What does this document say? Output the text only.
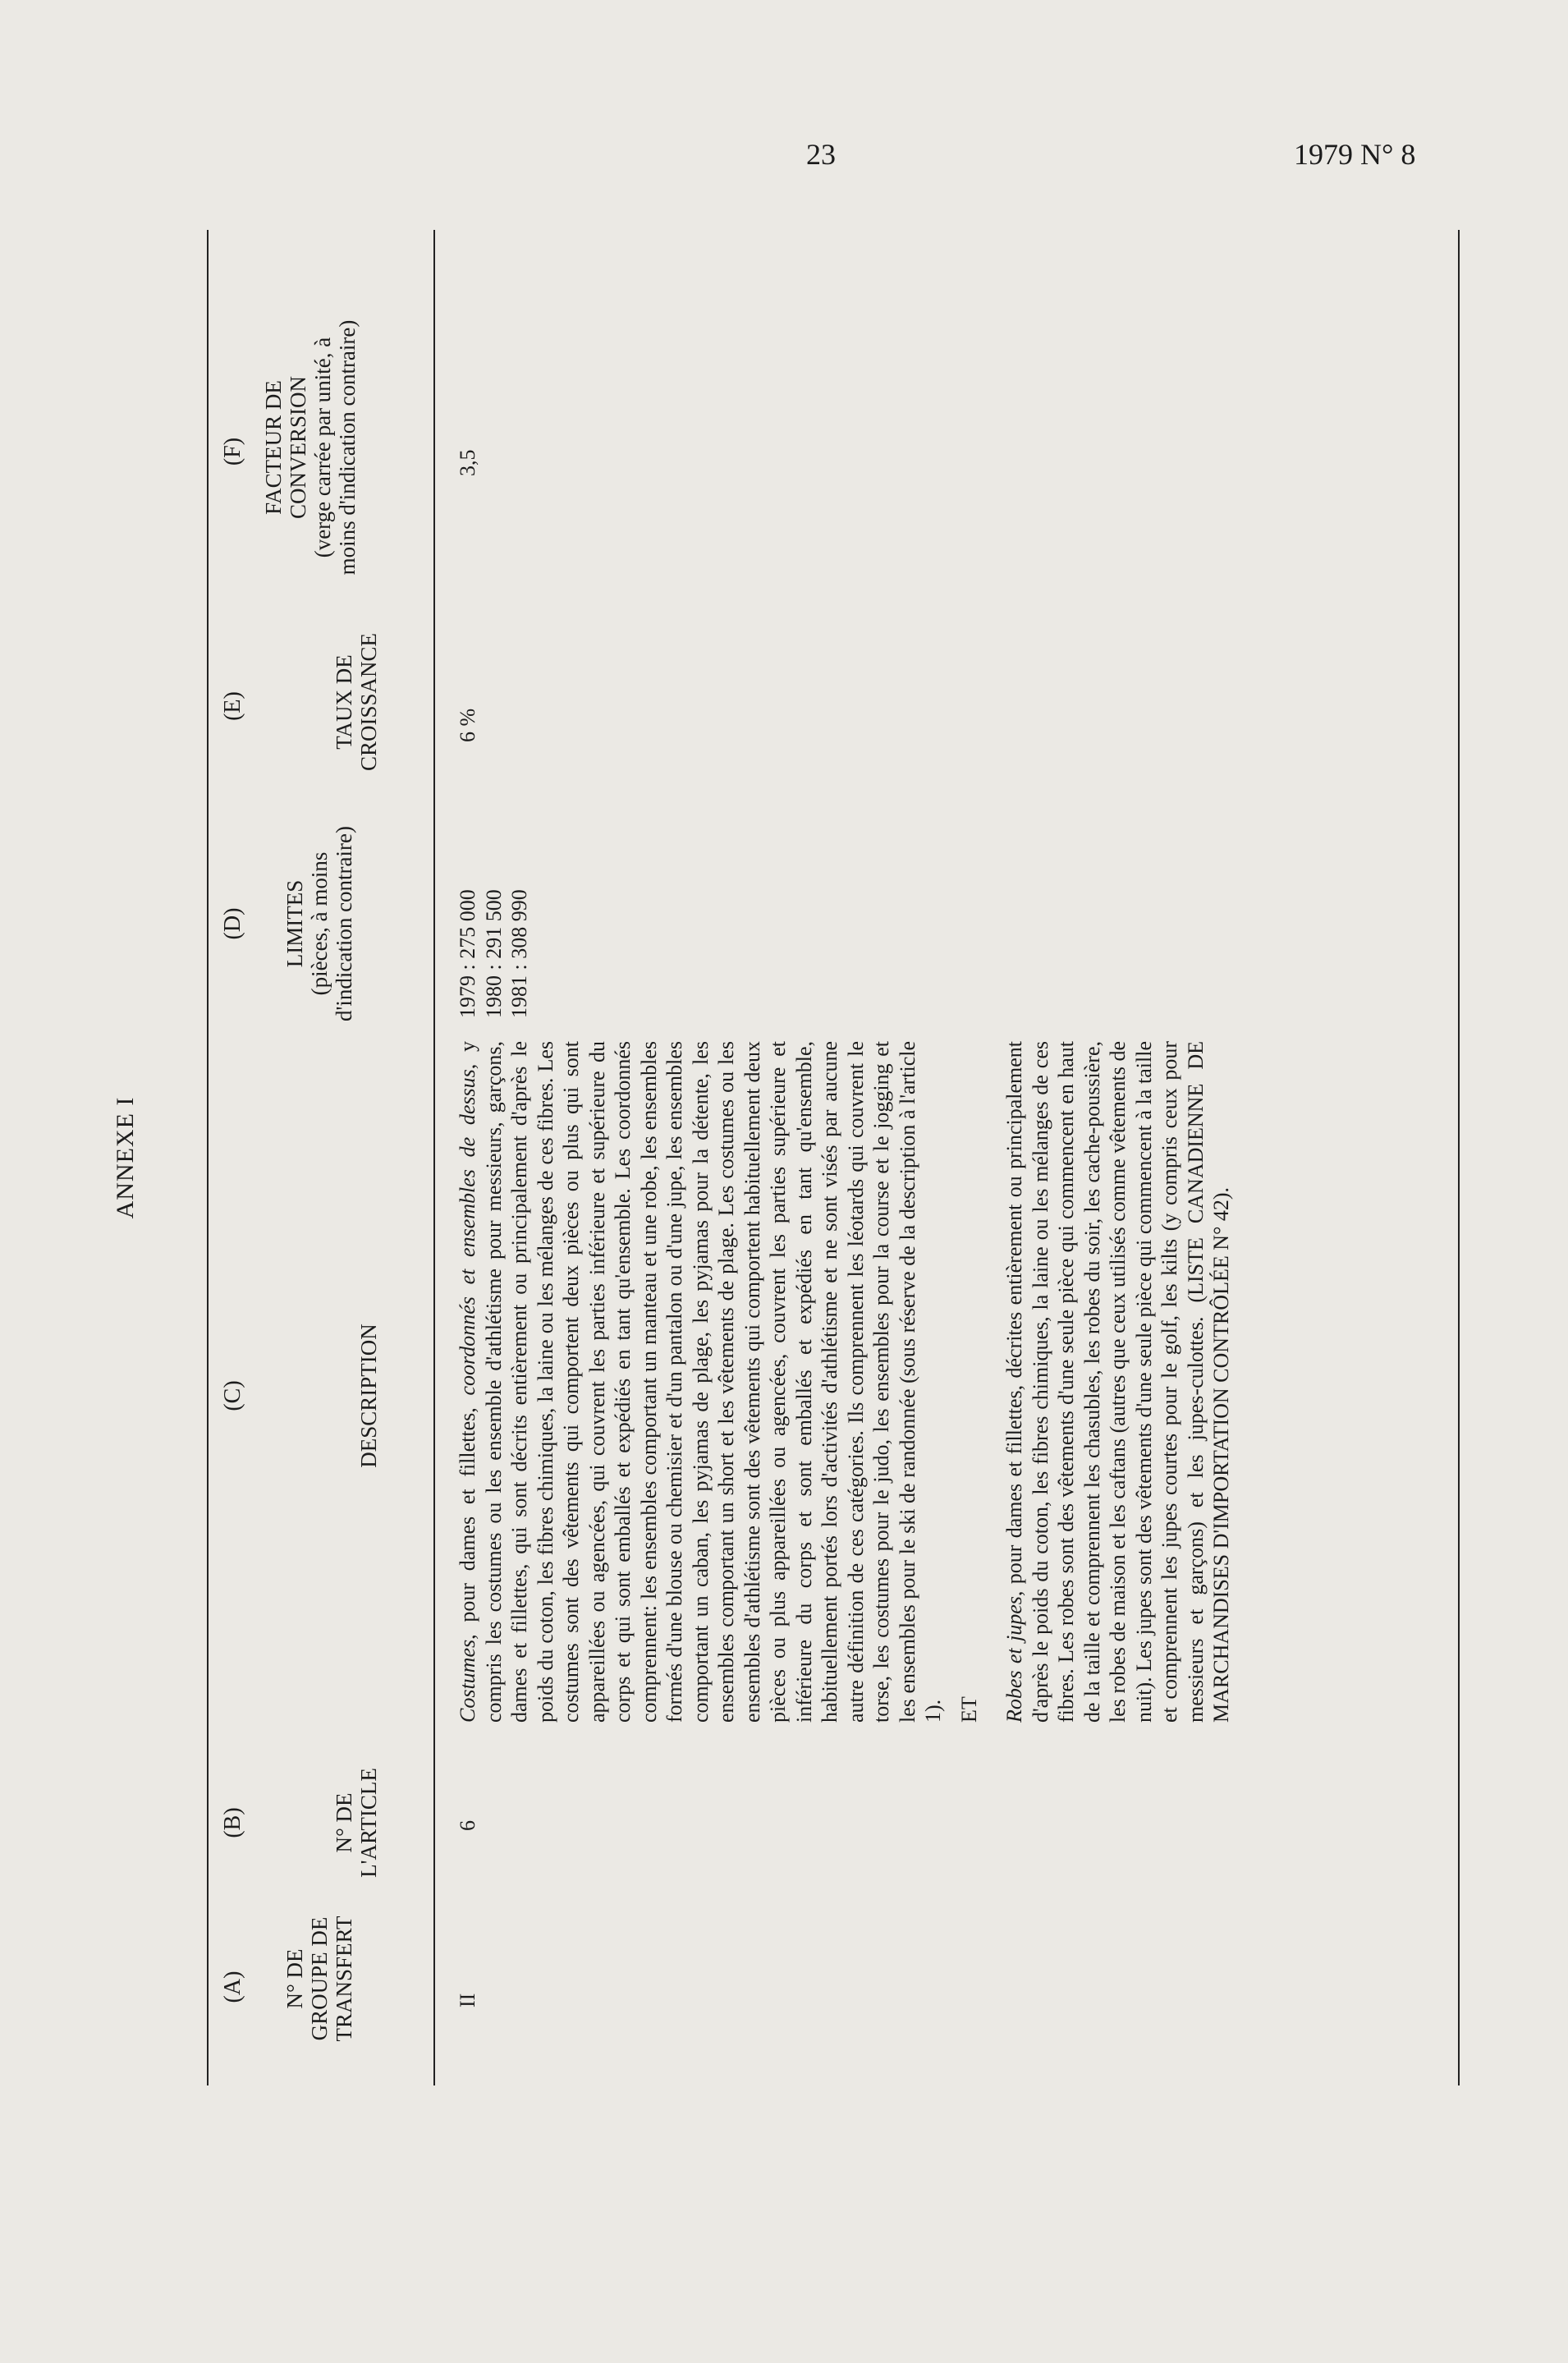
23	1979 N° 8
ANNEXE I
(A)
(B)
(C)
(D)
(E)
(F)
N° DE GROUPE DE TRANSFERT
N° DE L'ARTICLE
DESCRIPTION
LIMITES (pièces, à moins d'indication contraire)
TAUX DE CROISSANCE
FACTEUR DE CONVERSION (verge carrée par unité, à moins d'indication contraire)
II
6

Costumes, pour dames et fillettes, coordonnés et ensembles de dessus, y compris les costumes ou les ensemble d'athlétisme pour messieurs, garçons, dames et fillettes, qui sont décrits entièrement ou principalement d'après le poids du coton, les fibres chimiques, la laine ou les mélanges de ces fibres. Les costumes sont des vêtements qui comportent deux pièces ou plus qui sont appareillées ou agencées, qui couvrent les parties inférieure et supérieure du corps et qui sont emballés et expédiés en tant qu'ensemble. Les coordonnés comprennent: les ensembles comportant un manteau et une robe, les ensembles formés d'une blouse ou chemisier et d'un pantalon ou d'une jupe, les ensembles comportant un caban, les pyjamas de plage, les pyjamas pour la détente, les ensembles comportant un short et les vêtements de plage. Les costumes ou les ensembles d'athlétisme sont des vêtements qui comportent habituellement deux pièces ou plus appareillées ou agencées, couvrent les parties supérieure et inférieure du corps et sont emballés et expédiés en tant qu'ensemble, habituellement portés lors d'activités d'athlétisme et ne sont visés par aucune autre définition de ces catégories. Ils comprennent les léotards qui couvrent le torse, les costumes pour le judo, les ensembles pour la course et le jogging et les ensembles pour le ski de randonnée (sous réserve de la description à l'article 1). ET Robes et jupes, pour dames et fillettes, décrites entièrement ou principalement d'après le poids du coton, les fibres chimiques, la laine ou les mélanges de ces fibres. Les robes sont des vêtements d'une seule pièce qui commencent en haut de la taille et comprennent les chasubles, les robes du soir, les cache-poussière, les robes de maison et les caftans (autres que ceux utilisés comme vêtements de nuit). Les jupes sont des vêtements d'une seule pièce qui commencent à la taille et comprennent les jupes courtes pour le golf, les kilts (y compris ceux pour messieurs et garçons) et les jupes-culottes. (LISTE CANADIENNE DE MARCHANDISES D'IMPORTATION CONTRÔLÉE N° 42).

1979 : 275 000 1980 : 291 500 1981 : 308 990
6 %
3,5
